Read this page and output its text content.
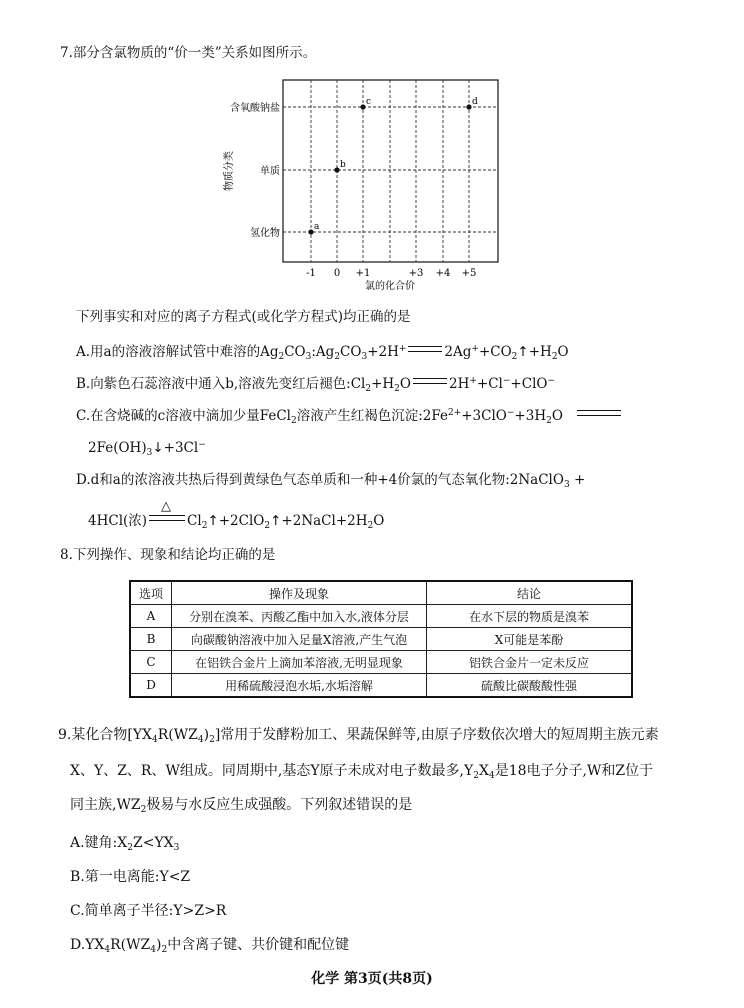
7.部分含氯物质的“价一类”关系如图所示。
含氧酸钠盐
单质
氢化物
-1 0 +1	+3 +4 +5
氯的化合价
物质分类
a
b
c	d
下列事实和对应的离子方程式(或化学方程式)均正确的是
A.用a的溶液溶解试管中难溶的$Ag_2CO_3:Ag_2CO_3+2H^+$	$2Ag^++CO_2↑+H_2O$
B.向紫色石蕊溶液中通入b,溶液先变红后褪色$:Cl_2+H_2O$	2H++Cl−+ClO−
C.在含烧碱的c溶液中滴加少量FeCl$_2$溶液产生红褐色沉淀$:2Fe^{2+}+3ClO^-+3H_2O$
$2Fe(OH)_3↓+3Cl^-$
D.d和a的浓溶液共热后得到黄绿色气态单质和一种+4价氯的气态氧化物:2NaClO$_3$ +
4HCl(浓)
△
$Cl_2↑+2ClO_2↑+2NaCl+2H_2O$
8.下列操作、现象和结论均正确的是
选项	操作及现象	结论
A	分别在溴苯、丙酸乙酯中加入水,液体分层	在水下层的物质是溴苯
B	向碳酸钠溶液中加入足量X溶液,产生气泡	X可能是苯酚
C	在铝铁合金片上滴加苯溶液,无明显现象	铝铁合金片一定未反应
D	用稀硫酸浸泡水垢,水垢溶解	硫酸比碳酸酸性强
9.某化合物$[YX_4R(WZ_4)_2]$常用于发酵粉加工、果蔬保鲜等,由原子序数依次增大的短周期主族元素
X、Y、Z、R、W组成。同周期中,基态Y原子未成对电子数最多$,Y_2X_4$是18电子分子,W和Z位于
同主族$,WZ_2$极易与水反应生成强酸。下列叙述错误的是
A.键角$:X_2Z<YX_3$
B.第一电离能:Y<Z
C.简单离子半径:Y>Z>R
$D.YX_4R(WZ_4)_2$中含离子键、共价键和配位键
化学 第3页(共8页)
